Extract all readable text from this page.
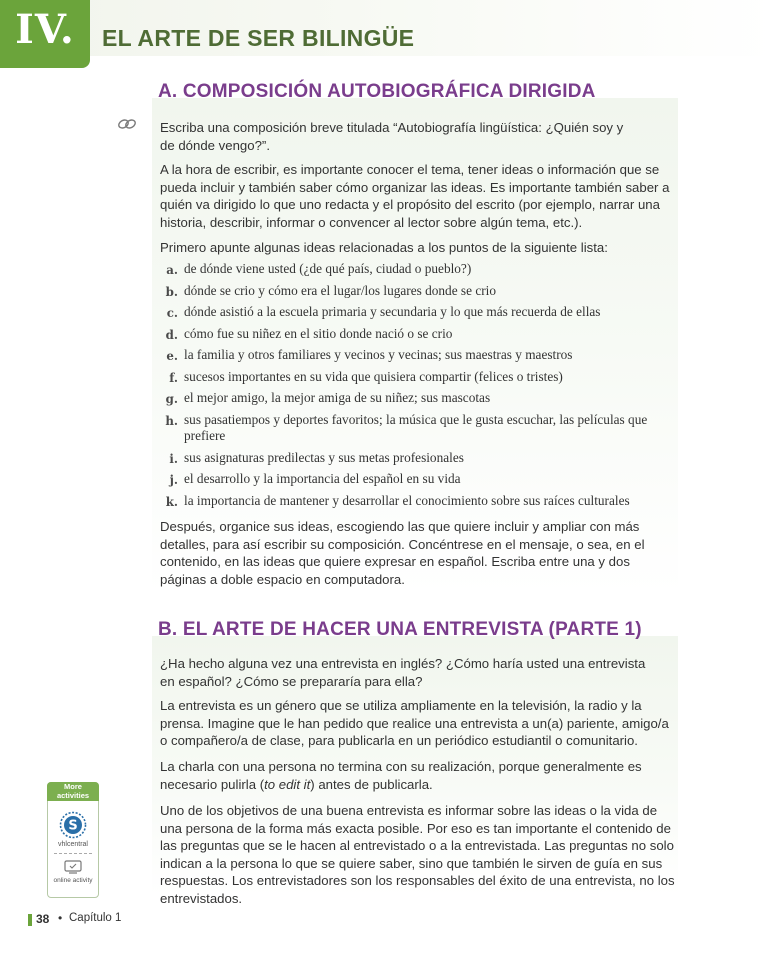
IV.	EL ARTE DE SER BILINGÜE
A. COMPOSICIÓN AUTOBIOGRÁFICA DIRIGIDA

Escriba una composición breve titulada “Autobiografía lingüística: ¿Quién soy y de dónde vengo?”.

A la hora de escribir, es importante conocer el tema, tener ideas o información que se pueda incluir y también saber cómo organizar las ideas. Es importante también saber a quién va dirigido lo que uno redacta y el propósito del escrito (por ejemplo, narrar una historia, describir, informar o convencer al lector sobre algún tema, etc.).

Primero apunte algunas ideas relacionadas a los puntos de la siguiente lista:

a. de dónde viene usted (¿de qué país, ciudad o pueblo?)
b. dónde se crio y cómo era el lugar/los lugares donde se crio
c. dónde asistió a la escuela primaria y secundaria y lo que más recuerda de ellas
d. cómo fue su niñez en el sitio donde nació o se crio
e. la familia y otros familiares y vecinos y vecinas; sus maestras y maestros
f. sucesos importantes en su vida que quisiera compartir (felices o tristes)
g. el mejor amigo, la mejor amiga de su niñez; sus mascotas
h. sus pasatiempos y deportes favoritos; la música que le gusta escuchar, las películas que prefiere
i. sus asignaturas predilectas y sus metas profesionales
j. el desarrollo y la importancia del español en su vida
k. la importancia de mantener y desarrollar el conocimiento sobre sus raíces culturales

Después, organice sus ideas, escogiendo las que quiere incluir y ampliar con más detalles, para así escribir su composición. Concéntrese en el mensaje, o sea, en el contenido, en las ideas que quiere expresar en español. Escriba entre una y dos páginas a doble espacio en computadora.

B. EL ARTE DE HACER UNA ENTREVISTA (PARTE 1)

¿Ha hecho alguna vez una entrevista en inglés? ¿Cómo haría usted una entrevista en español? ¿Cómo se prepararía para ella?

La entrevista es un género que se utiliza ampliamente en la televisión, la radio y la prensa. Imagine que le han pedido que realice una entrevista a un(a) pariente, amigo/a o compañero/a de clase, para publicarla en un periódico estudiantil o comunitario.

La charla con una persona no termina con su realización, porque generalmente es necesario pulirla (to edit it) antes de publicarla.

Uno de los objetivos de una buena entrevista es informar sobre las ideas o la vida de una persona de la forma más exacta posible. Por eso es tan importante el contenido de las preguntas que se le hacen al entrevistado o a la entrevistada. Las preguntas no solo indican a la persona lo que se quiere saber, sino que también le sirven de guía en sus respuestas. Los entrevistadores son los responsables del éxito de una entrevista, no los entrevistados.

More activities
S
vhlcentral
online activity
38 • Capítulo 1
